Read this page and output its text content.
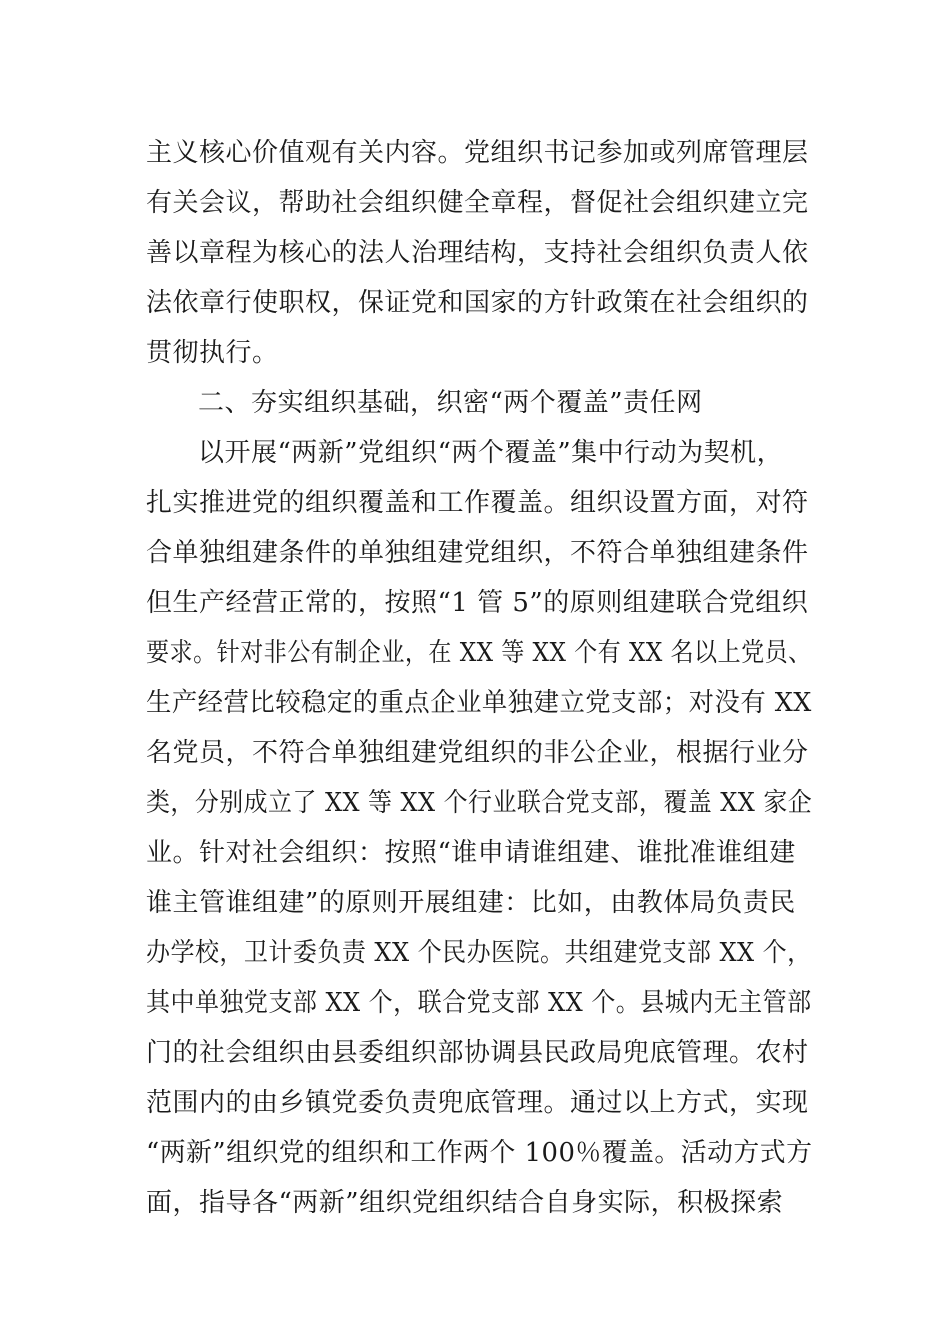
主义核心价值观有关内容。党组织书记参加或列席管理层
有关会议，帮助社会组织健全章程，督促社会组织建立完
善以章程为核心的法人治理结构，支持社会组织负责人依
法依章行使职权，保证党和国家的方针政策在社会组织的
贯彻执行。
二、夯实组织基础，织密“两个覆盖”责任网
以开展“两新”党组织“两个覆盖”集中行动为契机，
扎实推进党的组织覆盖和工作覆盖。组织设置方面，对符
合单独组建条件的单独组建党组织，不符合单独组建条件
但生产经营正常的，按照“1 管 5”的原则组建联合党组织
要求。针对非公有制企业，在 XX 等 XX 个有 XX 名以上党员、
生产经营比较稳定的重点企业单独建立党支部；对没有 XX
名党员，不符合单独组建党组织的非公企业，根据行业分
类，分别成立了 XX 等 XX 个行业联合党支部，覆盖 XX 家企
业。针对社会组织：按照“谁申请谁组建、谁批准谁组建
谁主管谁组建”的原则开展组建：比如，由教体局负责民
办学校，卫计委负责 XX 个民办医院。共组建党支部 XX 个，
其中单独党支部 XX 个，联合党支部 XX 个。县城内无主管部
门的社会组织由县委组织部协调县民政局兜底管理。农村
范围内的由乡镇党委负责兜底管理。通过以上方式，实现
“两新”组织党的组织和工作两个 100％覆盖。活动方式方
面，指导各“两新”组织党组织结合自身实际，积极探索
